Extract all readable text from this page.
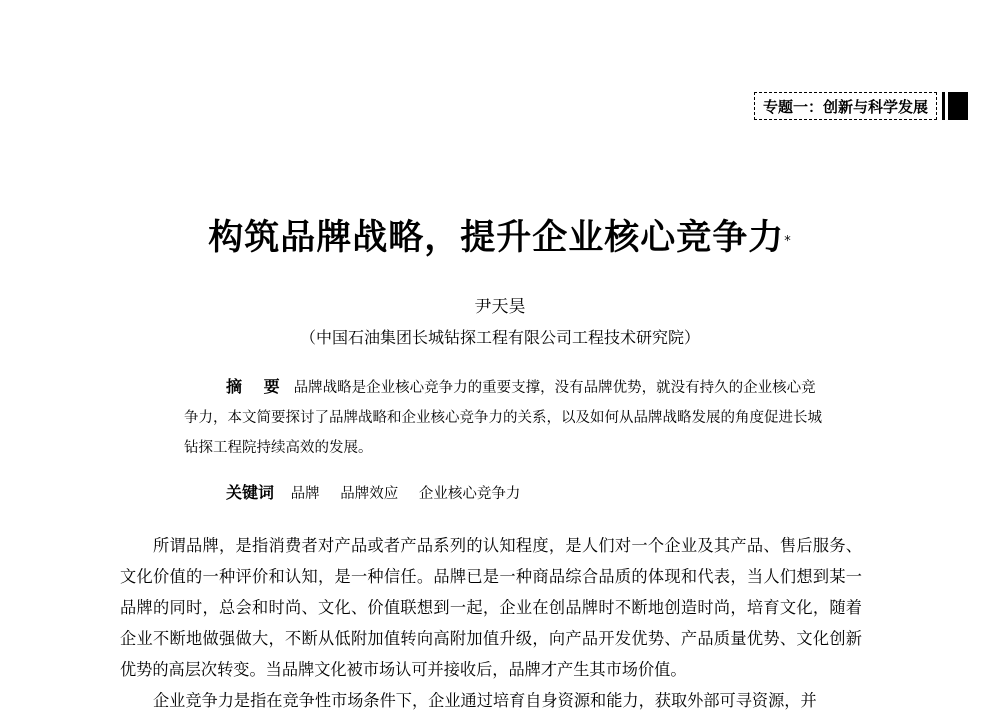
专题一：创新与科学发展
构筑品牌战略，提升企业核心竞争力*
尹天昊
（中国石油集团长城钻探工程有限公司工程技术研究院）

摘 要 品牌战略是企业核心竞争力的重要支撑，没有品牌优势，就没有持久的企业核心竞争力，本文简要探讨了品牌战略和企业核心竞争力的关系，以及如何从品牌战略发展的角度促进长城钻探工程院持续高效的发展。

关键词 品牌 品牌效应 企业核心竞争力

所谓品牌，是指消费者对产品或者产品系列的认知程度，是人们对一个企业及其产品、售后服务、文化价值的一种评价和认知，是一种信任。品牌已是一种商品综合品质的体现和代表，当人们想到某一品牌的同时，总会和时尚、文化、价值联想到一起，企业在创品牌时不断地创造时尚，培育文化，随着企业不断地做强做大，不断从低附加值转向高附加值升级，向产品开发优势、产品质量优势、文化创新优势的高层次转变。当品牌文化被市场认可并接收后，品牌才产生其市场价值。

企业竞争力是指在竞争性市场条件下，企业通过培育自身资源和能力，获取外部可寻资源，并
